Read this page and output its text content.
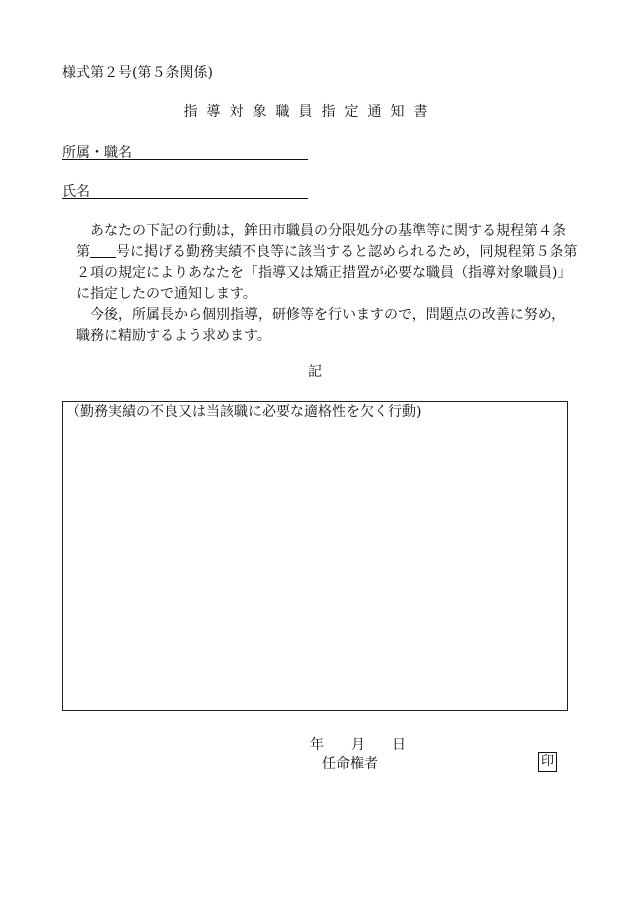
様式第２号(第５条関係)
指導対象職員指定通知書
所属・職名
氏名
あなたの下記の行動は，鉾田市職員の分限処分の基準等に関する規程第４条
第 号に掲げる勤務実績不良等に該当すると認められるため，同規程第５条第
２項の規定によりあなたを「指導又は矯正措置が必要な職員（指導対象職員)」
に指定したので通知します。
今後，所属長から個別指導，研修等を行いますので，問題点の改善に努め，
職務に精励するよう求めます。
記
（勤務実績の不良又は当該職に必要な適格性を欠く行動)
年 月 日
任命権者	印
